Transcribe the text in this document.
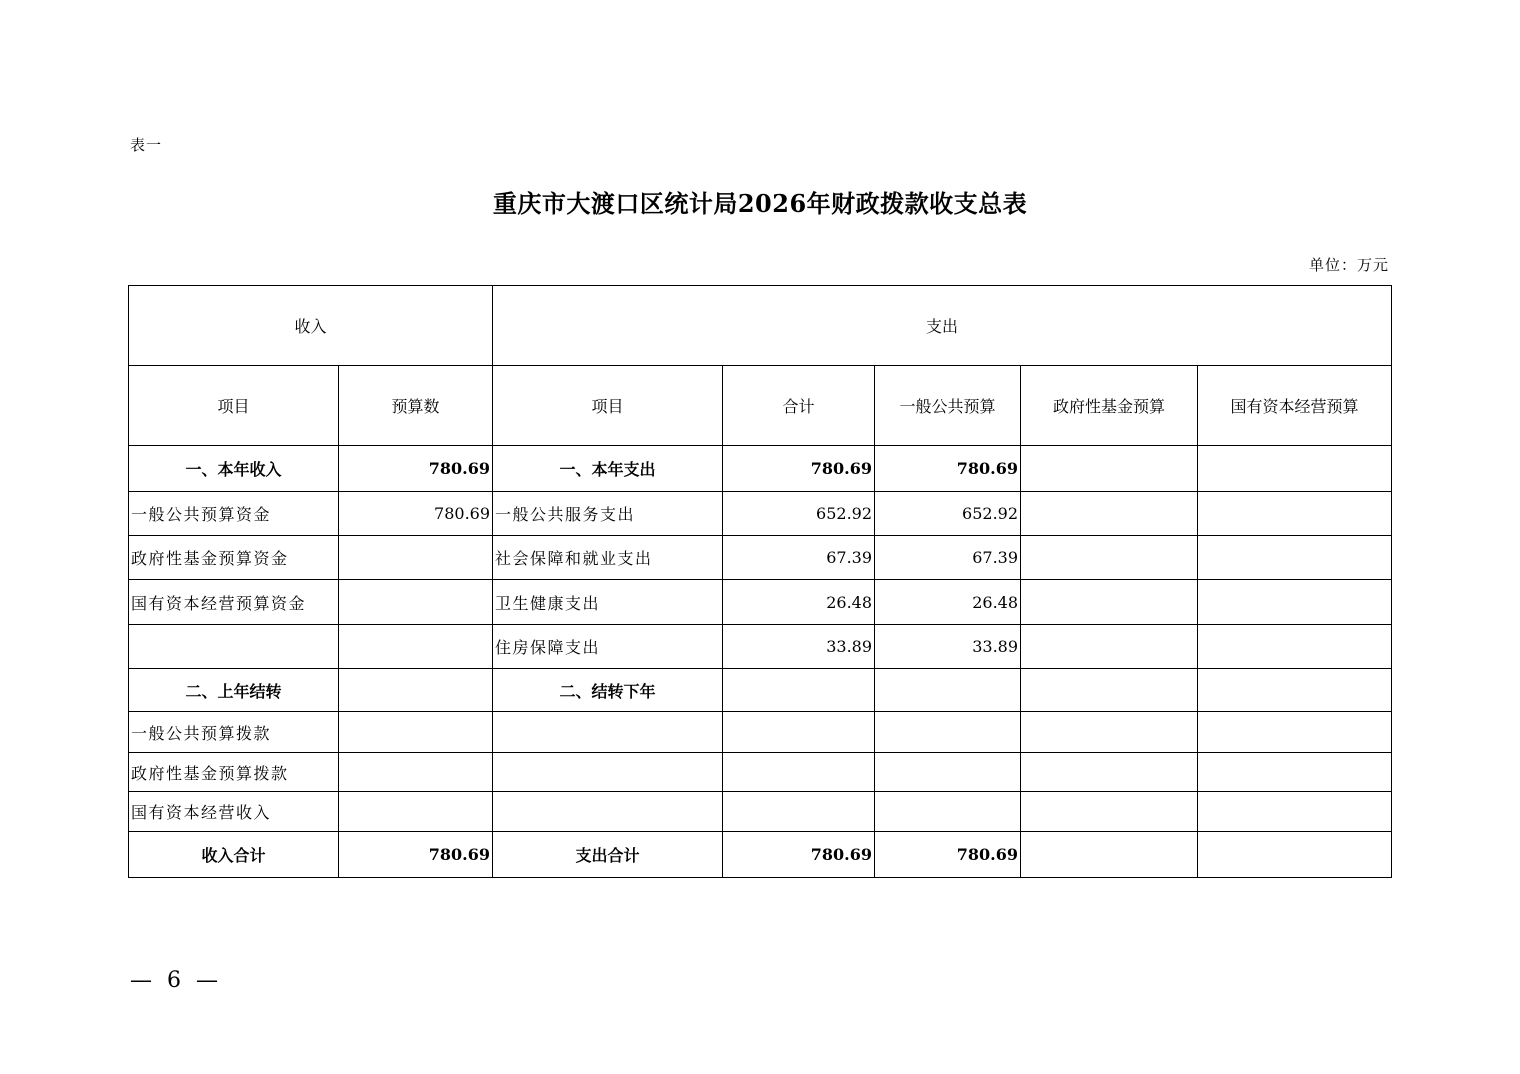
表一
重庆市大渡口区统计局2026年财政拨款收支总表
单位：万元
收入		支出				
项目	预算数	项目	合计	一般公共预算	政府性基金预算	国有资本经营预算
一、本年收入	780.69	一、本年支出	780.69	780.69		
一般公共预算资金	780.69	一般公共服务支出	652.92	652.92		
政府性基金预算资金		社会保障和就业支出	67.39	67.39		
国有资本经营预算资金		卫生健康支出	26.48	26.48		
		住房保障支出	33.89	33.89		
二、上年结转		二、结转下年				
一般公共预算拨款						
政府性基金预算拨款						
国有资本经营收入						
收入合计	780.69	支出合计	780.69	780.69		
— 6 —
